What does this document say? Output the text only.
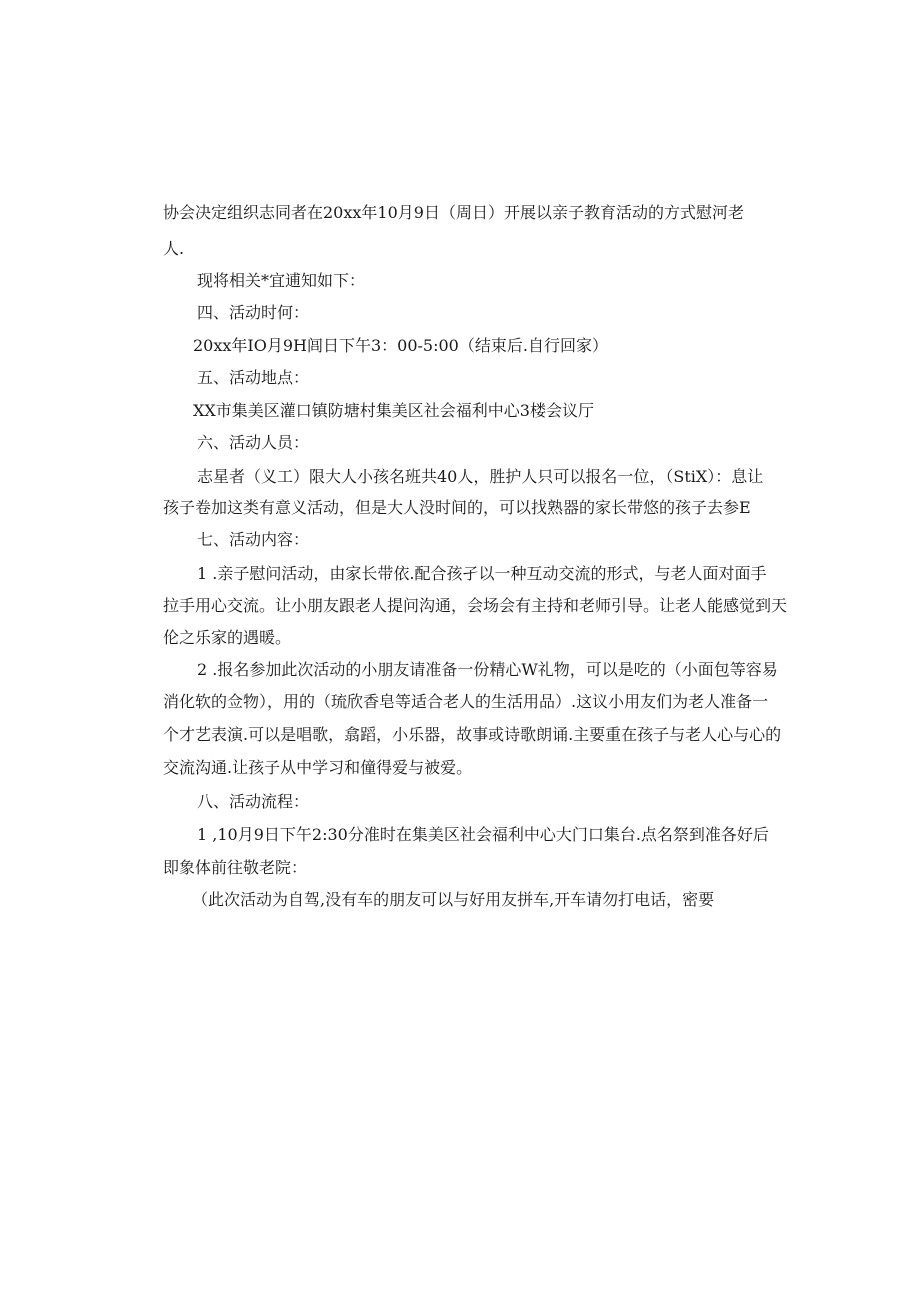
协会决定组织志同者在20xx年10月9日（周日）开展以亲子教育活动的方式慰河老
人.
现将相关*宜逋知如下：
四、活动时何：
20xx年IO月9H闾日下午3：00-5:00（结束后.自行回家）
五、活动地点：
XX市集美区灌口镇防塘村集美区社会福利中心3楼会议厅
六、活动人员：
志星者（义工）限大人小孩名班共40人，胜护人只可以报名一位，（StiX）：息让
孩子卷加这类有意义活动，但是大人没时间的，可以找熟器的家长带悠的孩子去参E
七、活动内容：
1 .亲子慰问活动，由家长带依.配合孩孑以一种互动交流的形式，与老人面对面手
拉手用心交流。让小朋友跟老人提问沟通，会场会有主持和老师引导。让老人能感觉到天
伦之乐家的遇暖。
2 .报名参加此次活动的小朋友请准备一份精心W礼物，可以是吃的（小面包等容易
消化软的佥物），用的（琉欣香皂等适合老人的生活用品）.这议小用友们为老人准备一
个才艺表演.可以是唱歌，翕蹈，小乐器，故事或诗歌朗诵.主要重在孩子与老人心与心的
交流沟通.让孩子从中学习和僮得爱与被爱。
八、活动流程：
1 ,10月9日下午2:30分准时在集美区社会福利中心大门口集台.点名祭到准各好后
即象体前往敬老院：
（此次活动为自驾,没有车的朋友可以与好用友拼车,开车请勿打电话，密要
